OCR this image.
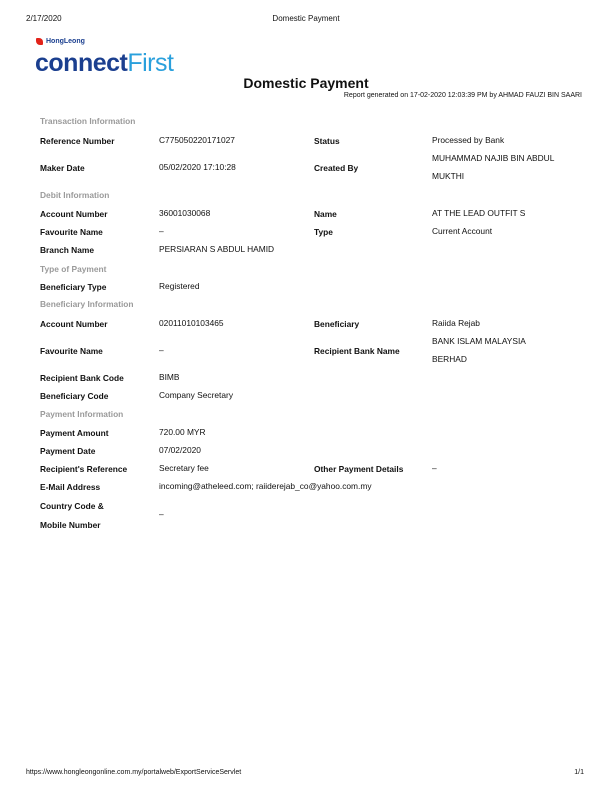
2/17/2020	Domestic Payment
HongLeong
connectFirst
Domestic Payment
Report generated on 17-02-2020 12:03:39 PM by AHMAD FAUZI BIN SAARI
Transaction Information
Reference Number	C775050220171027	Status	Processed by Bank
Maker Date	05/02/2020 17:10:28	Created By
MUHAMMAD NAJIB BIN ABDUL
MUKTHI
Debit Information
Account Number	36001030068	Name	AT THE LEAD OUTFIT S
Favourite Name	–	Type	Current Account
Branch Name	PERSIARAN S ABDUL HAMID
Type of Payment
Beneficiary Type	Registered
Beneficiary Information
Account Number	02011010103465	Beneficiary	Raiida Rejab
Favourite Name	–	Recipient Bank Name
BANK ISLAM MALAYSIA
BERHAD
Recipient Bank Code	BIMB
Beneficiary Code	Company Secretary
Payment Information
Payment Amount	720.00 MYR
Payment Date	07/02/2020
Recipient's Reference	Secretary fee	Other Payment Details	–
E-Mail Address	incoming@atheleed.com; raiiderejab_co@yahoo.com.my
Country Code &
Mobile Number
–
https://www.hongleongonline.com.my/portalweb/ExportServiceServlet	1/1
